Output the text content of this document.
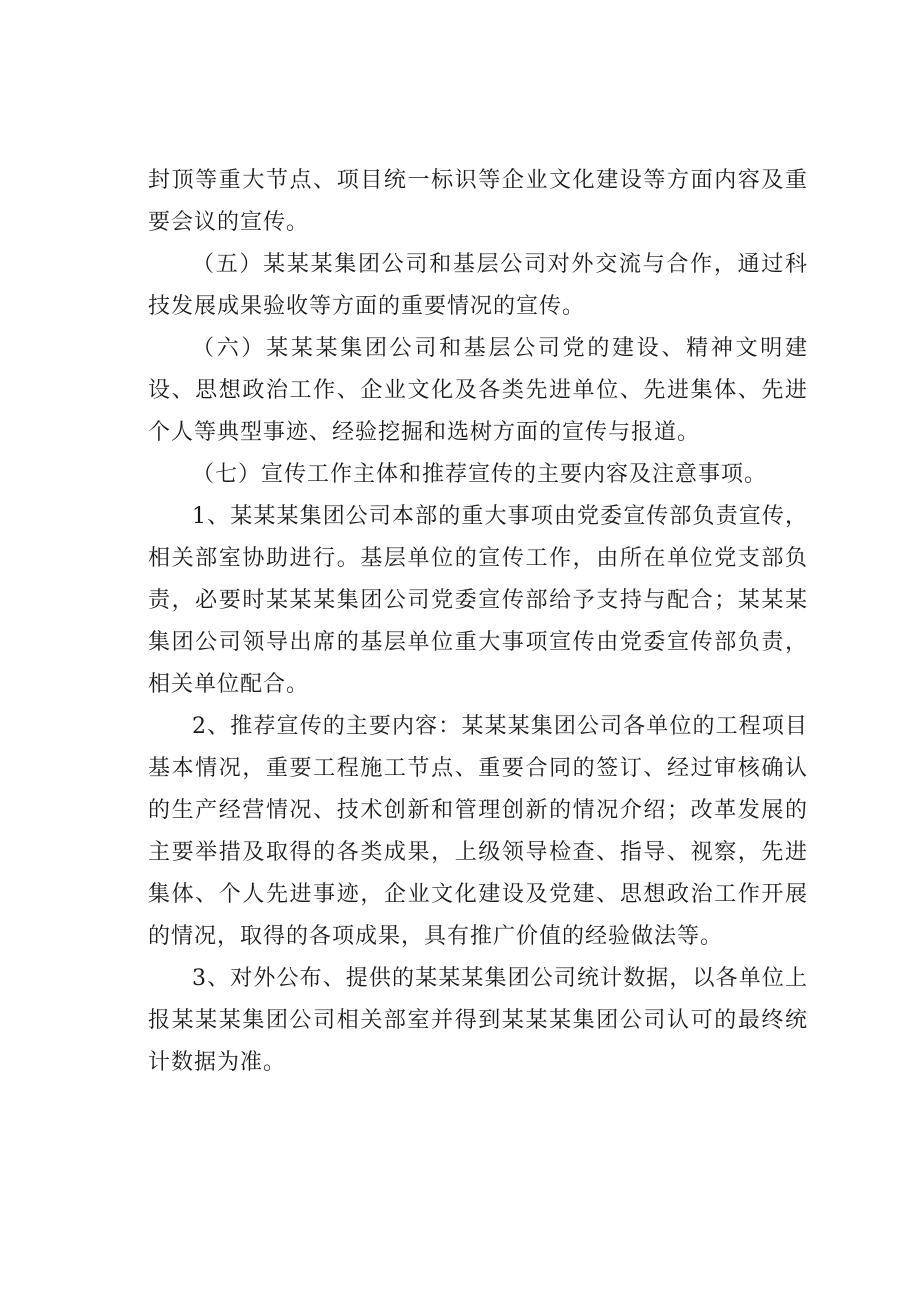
封顶等重大节点、项目统一标识等企业文化建设等方面内容及重要会议的宣传。

（五）某某某集团公司和基层公司对外交流与合作，通过科技发展成果验收等方面的重要情况的宣传。

（六）某某某集团公司和基层公司党的建设、精神文明建设、思想政治工作、企业文化及各类先进单位、先进集体、先进个人等典型事迹、经验挖掘和选树方面的宣传与报道。

（七）宣传工作主体和推荐宣传的主要内容及注意事项。

1、某某某集团公司本部的重大事项由党委宣传部负责宣传，相关部室协助进行。基层单位的宣传工作，由所在单位党支部负责，必要时某某某集团公司党委宣传部给予支持与配合；某某某集团公司领导出席的基层单位重大事项宣传由党委宣传部负责，相关单位配合。

2、推荐宣传的主要内容：某某某集团公司各单位的工程项目基本情况，重要工程施工节点、重要合同的签订、经过审核确认的生产经营情况、技术创新和管理创新的情况介绍；改革发展的主要举措及取得的各类成果，上级领导检查、指导、视察，先进集体、个人先进事迹，企业文化建设及党建、思想政治工作开展的情况，取得的各项成果，具有推广价值的经验做法等。

3、对外公布、提供的某某某集团公司统计数据，以各单位上报某某某集团公司相关部室并得到某某某集团公司认可的最终统计数据为准。
